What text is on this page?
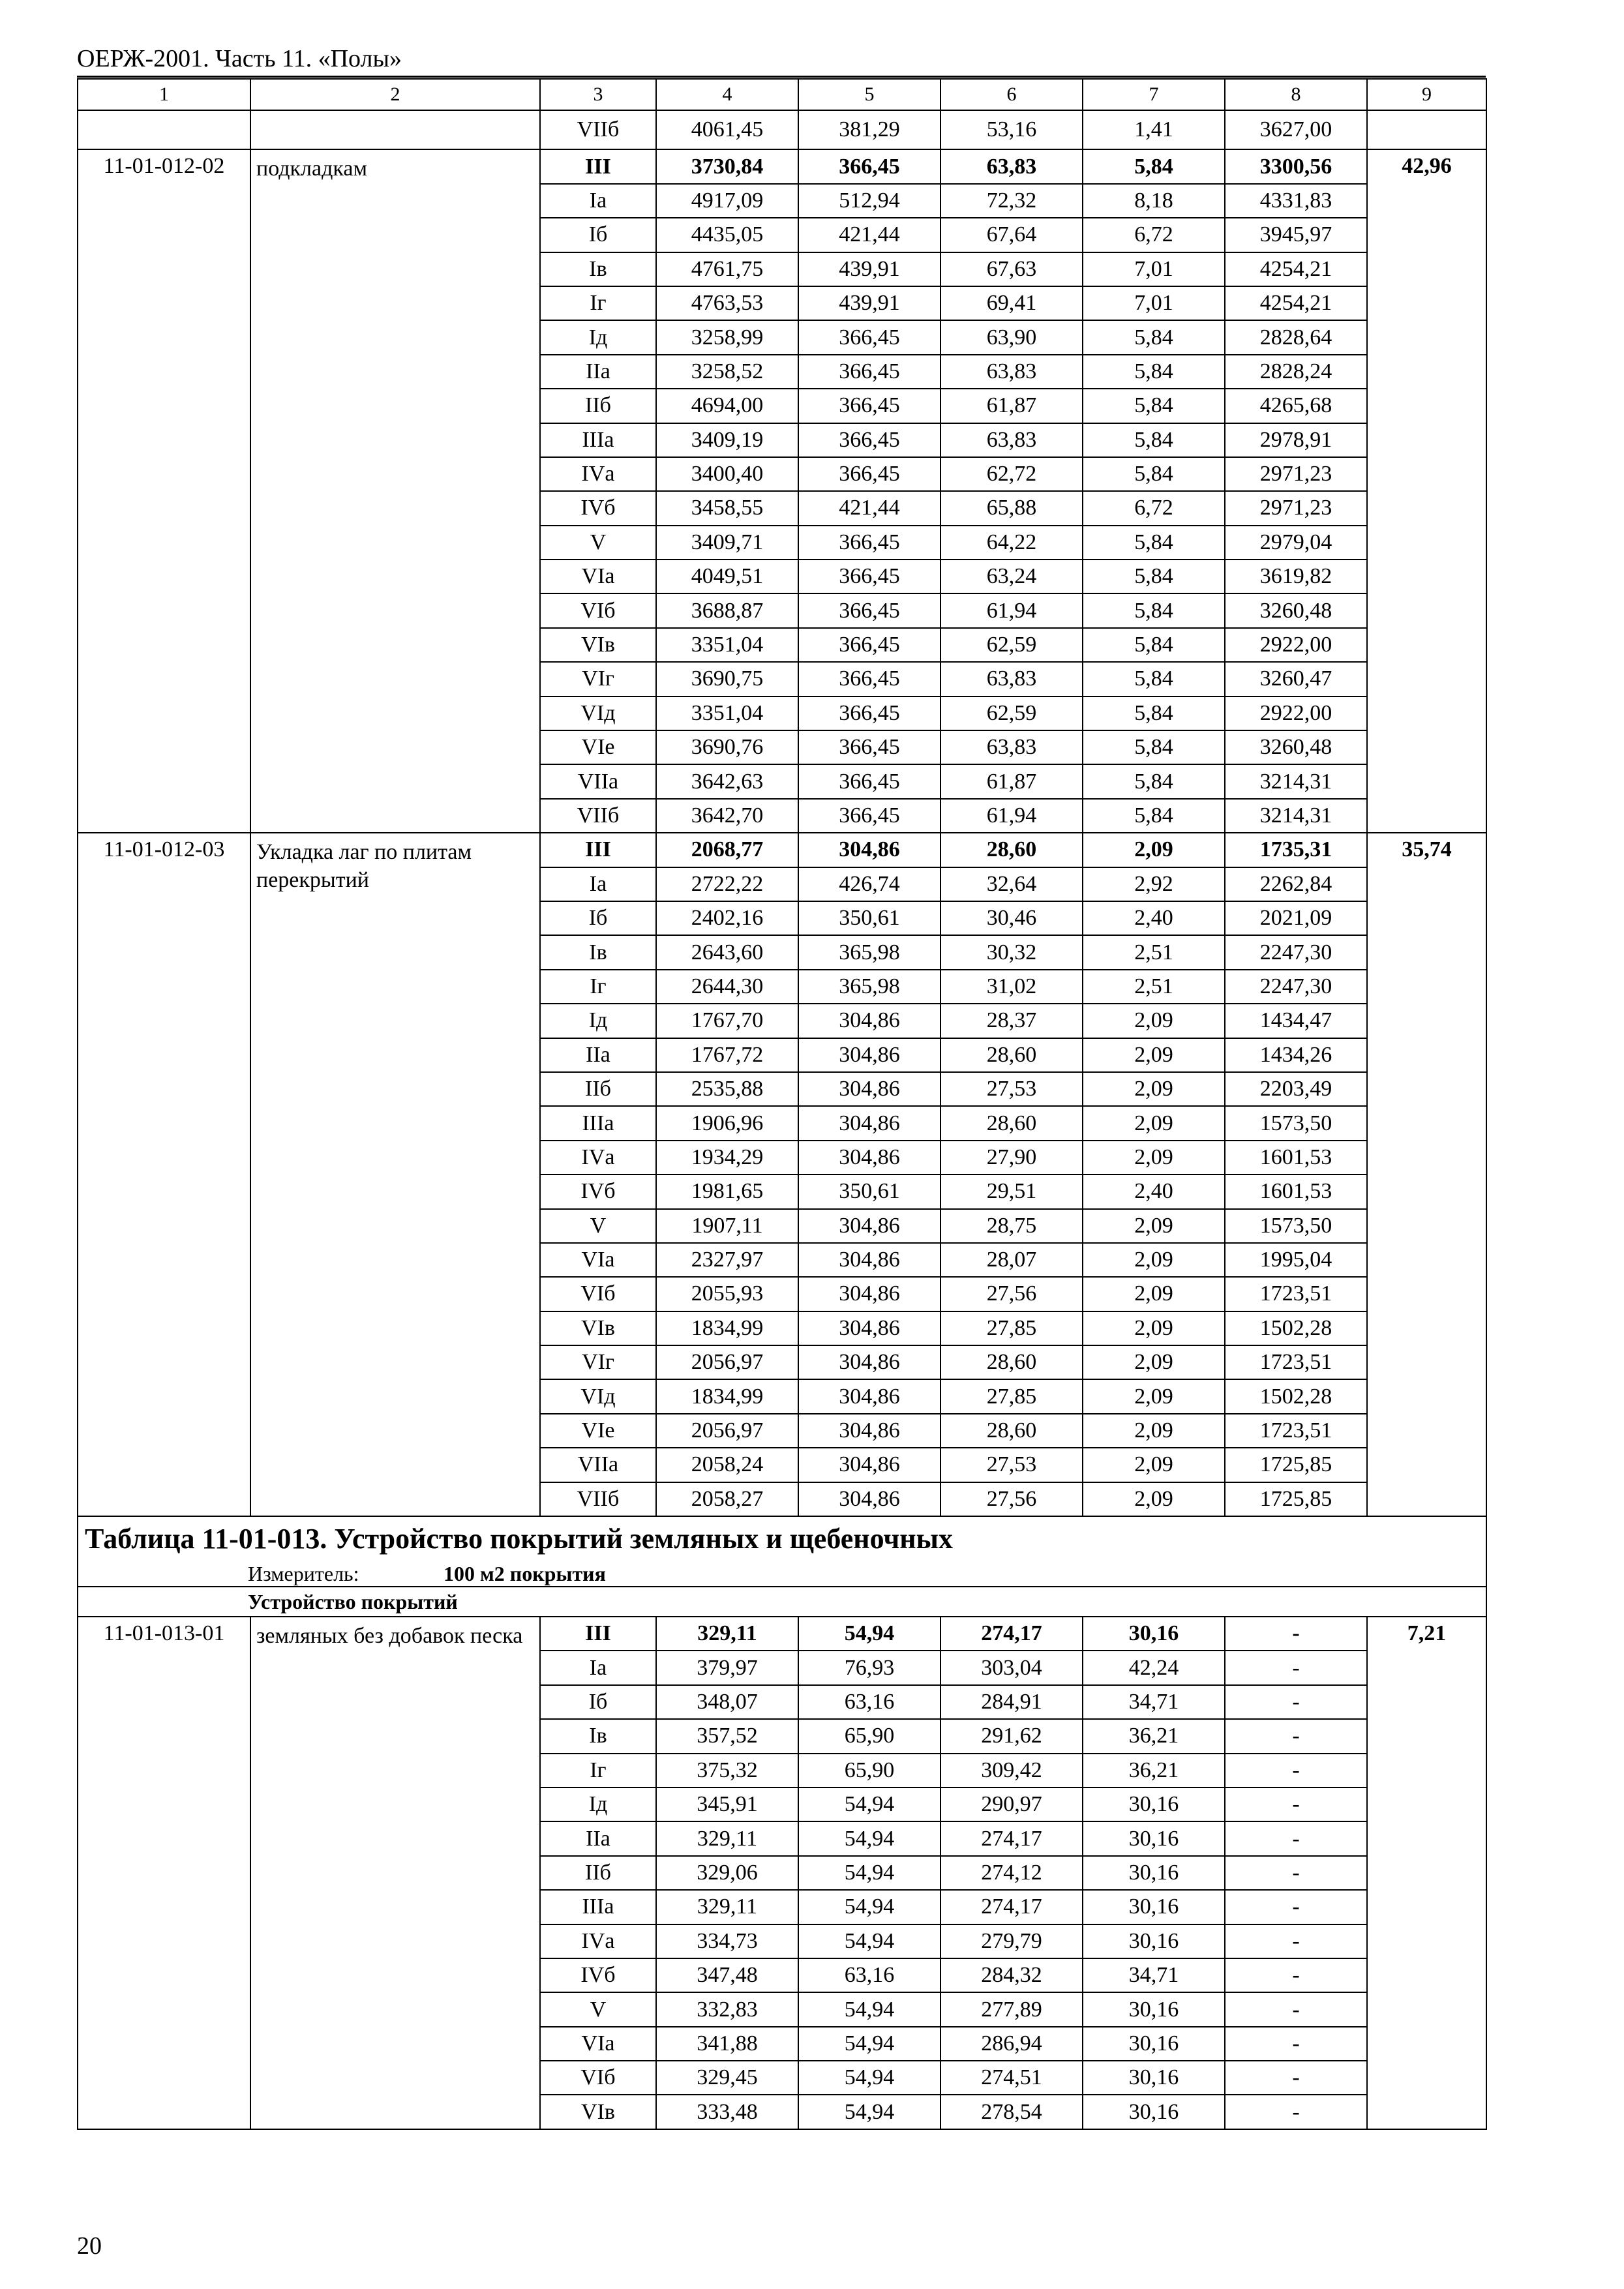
ОЕРЖ-2001. Часть 11. «Полы»
1	2	3	4	5	6	7	8	9
		VIIб	4061,45	381,29	53,16	1,41	3627,00	
11-01-012-02	подкладкам	III	3730,84	366,45	63,83	5,84	3300,56	42,96
		Iа	4917,09	512,94	72,32	8,18	4331,83	
		Iб	4435,05	421,44	67,64	6,72	3945,97	
		Iв	4761,75	439,91	67,63	7,01	4254,21	
		Iг	4763,53	439,91	69,41	7,01	4254,21	
		Iд	3258,99	366,45	63,90	5,84	2828,64	
		IIа	3258,52	366,45	63,83	5,84	2828,24	
		IIб	4694,00	366,45	61,87	5,84	4265,68	
		IIIа	3409,19	366,45	63,83	5,84	2978,91	
		IVа	3400,40	366,45	62,72	5,84	2971,23	
		IVб	3458,55	421,44	65,88	6,72	2971,23	
		V	3409,71	366,45	64,22	5,84	2979,04	
		VIа	4049,51	366,45	63,24	5,84	3619,82	
		VIб	3688,87	366,45	61,94	5,84	3260,48	
		VIв	3351,04	366,45	62,59	5,84	2922,00	
		VIг	3690,75	366,45	63,83	5,84	3260,47	
		VIд	3351,04	366,45	62,59	5,84	2922,00	
		VIе	3690,76	366,45	63,83	5,84	3260,48	
		VIIа	3642,63	366,45	61,87	5,84	3214,31	
		VIIб	3642,70	366,45	61,94	5,84	3214,31	
11-01-012-03	Укладка лаг по плитам перекрытий	III	2068,77	304,86	28,60	2,09	1735,31	35,74
		Iа	2722,22	426,74	32,64	2,92	2262,84	
		Iб	2402,16	350,61	30,46	2,40	2021,09	
		Iв	2643,60	365,98	30,32	2,51	2247,30	
		Iг	2644,30	365,98	31,02	2,51	2247,30	
		Iд	1767,70	304,86	28,37	2,09	1434,47	
		IIа	1767,72	304,86	28,60	2,09	1434,26	
		IIб	2535,88	304,86	27,53	2,09	2203,49	
		IIIа	1906,96	304,86	28,60	2,09	1573,50	
		IVа	1934,29	304,86	27,90	2,09	1601,53	
		IVб	1981,65	350,61	29,51	2,40	1601,53	
		V	1907,11	304,86	28,75	2,09	1573,50	
		VIа	2327,97	304,86	28,07	2,09	1995,04	
		VIб	2055,93	304,86	27,56	2,09	1723,51	
		VIв	1834,99	304,86	27,85	2,09	1502,28	
		VIг	2056,97	304,86	28,60	2,09	1723,51	
		VIд	1834,99	304,86	27,85	2,09	1502,28	
		VIе	2056,97	304,86	28,60	2,09	1723,51	
		VIIа	2058,24	304,86	27,53	2,09	1725,85	
		VIIб	2058,27	304,86	27,56	2,09	1725,85	
Таблица 11-01-013. Устройство покрытий земляных и щебеночных								
Измеритель: 100 м2 покрытия								
Устройство покрытий								
11-01-013-01	земляных без добавок песка	III	329,11	54,94	274,17	30,16	-	7,21
		Iа	379,97	76,93	303,04	42,24	-	
		Iб	348,07	63,16	284,91	34,71	-	
		Iв	357,52	65,90	291,62	36,21	-	
		Iг	375,32	65,90	309,42	36,21	-	
		Iд	345,91	54,94	290,97	30,16	-	
		IIа	329,11	54,94	274,17	30,16	-	
		IIб	329,06	54,94	274,12	30,16	-	
		IIIа	329,11	54,94	274,17	30,16	-	
		IVа	334,73	54,94	279,79	30,16	-	
		IVб	347,48	63,16	284,32	34,71	-	
		V	332,83	54,94	277,89	30,16	-	
		VIа	341,88	54,94	286,94	30,16	-	
		VIб	329,45	54,94	274,51	30,16	-	
		VIв	333,48	54,94	278,54	30,16	-	
20
